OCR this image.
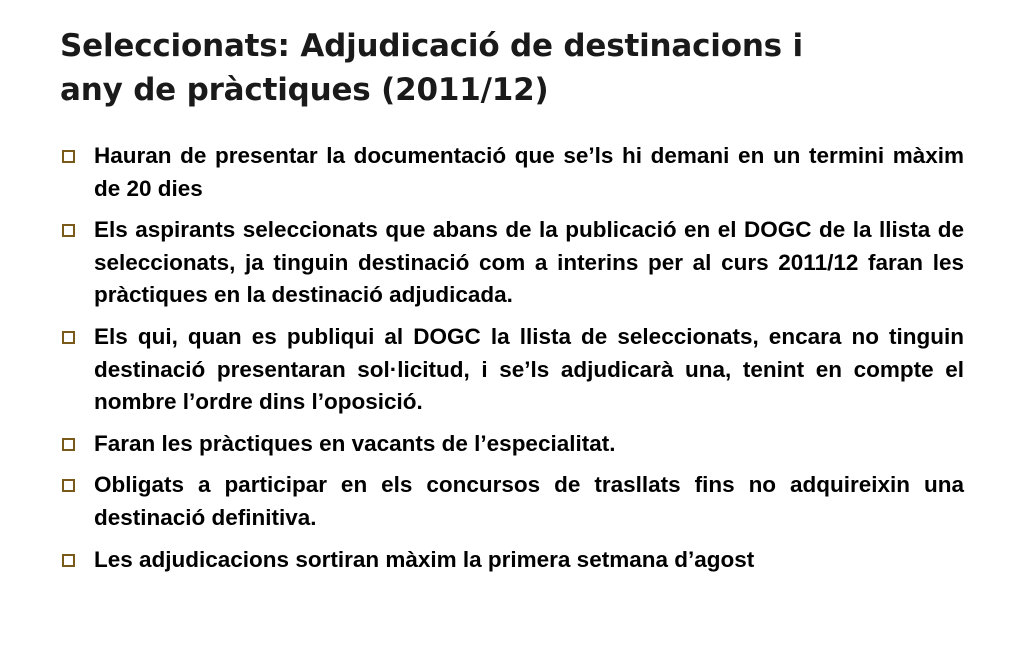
Seleccionats: Adjudicació de destinacions i
any de pràctiques (2011/12)
Hauran de presentar la documentació que se’ls hi demani en un termini màxim de 20 dies
Els aspirants seleccionats que abans de la publicació en el DOGC de la llista de seleccionats, ja tinguin destinació com a interins per al curs 2011/12 faran les pràctiques en la destinació adjudicada.
Els qui, quan es publiqui al DOGC la llista de seleccionats, encara no tinguin destinació presentaran sol·licitud, i se’ls adjudicarà una, tenint en compte el nombre l’ordre dins l’oposició.
Faran les pràctiques en vacants de l’especialitat.
Obligats a participar en els concursos de trasllats fins no adquireixin una destinació definitiva.
Les adjudicacions sortiran màxim la primera setmana d’agost
